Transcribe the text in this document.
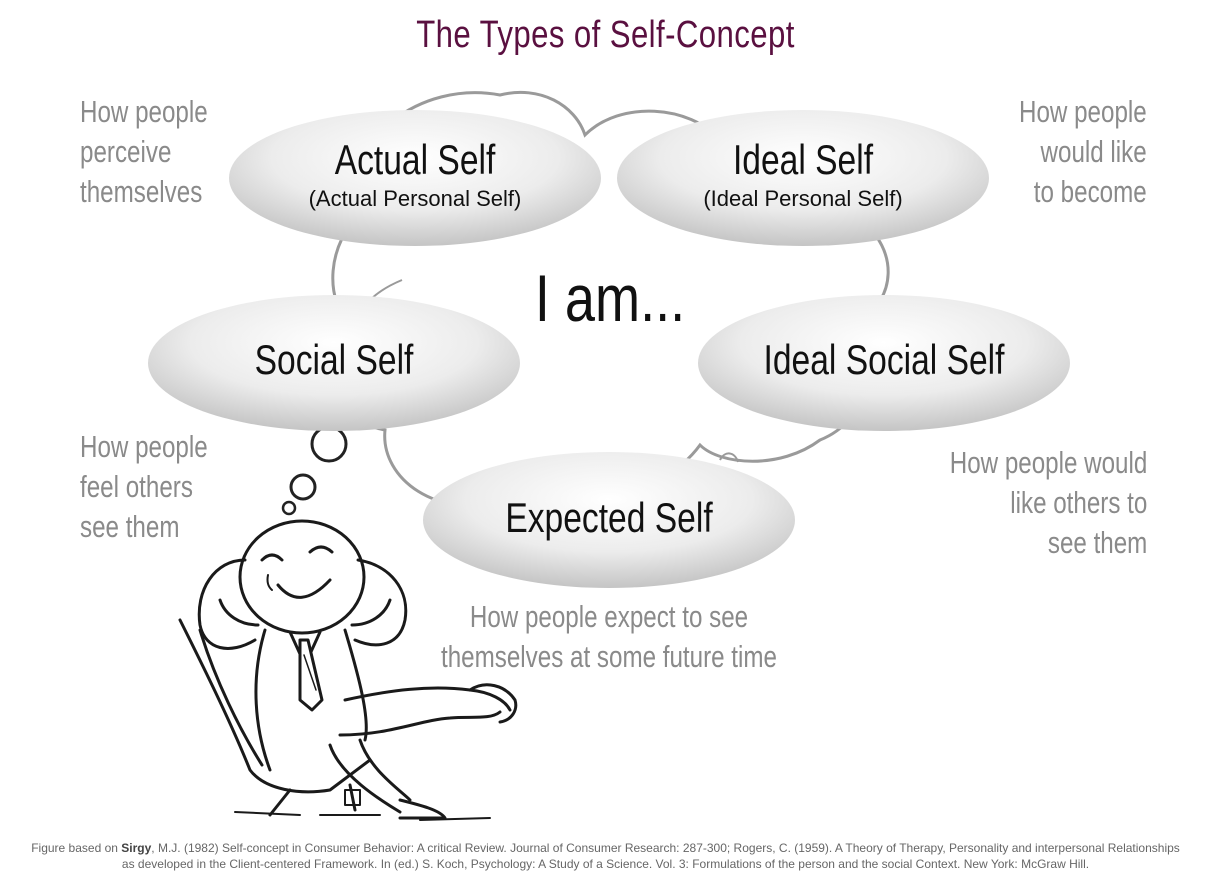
The Types of Self-Concept
Actual Self
(Actual Personal Self)
Ideal Self
(Ideal Personal Self)
Social Self	Ideal Social Self
Expected Self
I am...
How people
perceive
themselves
How people
would like
to become
How people
feel others
see them
How people would
like others to
see them
How people expect to see
themselves at some future time
Figure based on Sirgy, M.J. (1982) Self-concept in Consumer Behavior: A critical Review. Journal of Consumer Research: 287-300; Rogers, C. (1959). A Theory of Therapy, Personality and interpersonal Relationships
as developed in the Client-centered Framework. In (ed.) S. Koch, Psychology: A Study of a Science. Vol. 3: Formulations of the person and the social Context. New York: McGraw Hill.
